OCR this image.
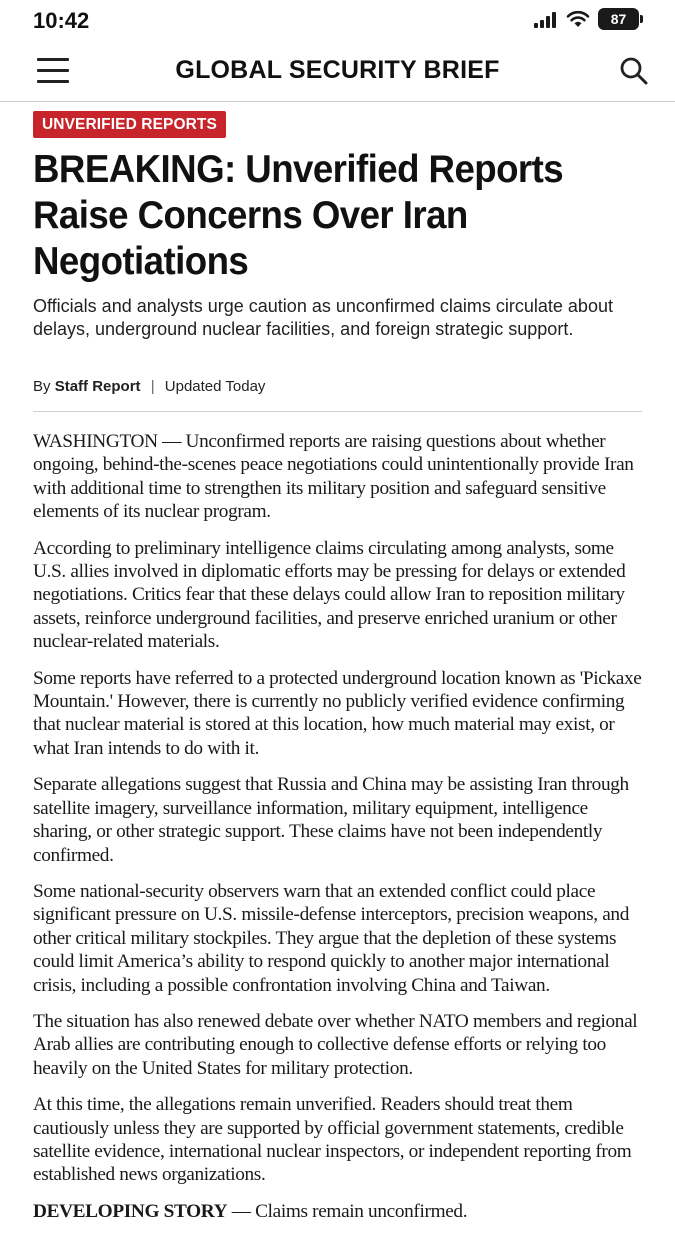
10:42	87
GLOBAL SECURITY BRIEF
UNVERIFIED REPORTS
BREAKING: Unverified Reports Raise Concerns Over Iran Negotiations

Officials and analysts urge caution as unconfirmed claims circulate about delays, underground nuclear facilities, and foreign strategic support.

By Staff Report | Updated Today

WASHINGTON — Unconfirmed reports are raising questions about whether ongoing, behind-the-scenes peace negotiations could unintentionally provide Iran with additional time to strengthen its military position and safeguard sensitive elements of its nuclear program.

According to preliminary intelligence claims circulating among analysts, some U.S. allies involved in diplomatic efforts may be pressing for delays or extended negotiations. Critics fear that these delays could allow Iran to reposition military assets, reinforce underground facilities, and preserve enriched uranium or other nuclear-related materials.

Some reports have referred to a protected underground location known as 'Pickaxe Mountain.' However, there is currently no publicly verified evidence confirming that nuclear material is stored at this location, how much material may exist, or what Iran intends to do with it.

Separate allegations suggest that Russia and China may be assisting Iran through satellite imagery, surveillance information, military equipment, intelligence sharing, or other strategic support. These claims have not been independently confirmed.

Some national-security observers warn that an extended conflict could place significant pressure on U.S. missile-defense interceptors, precision weapons, and other critical military stockpiles. They argue that the depletion of these systems could limit America’s ability to respond quickly to another major international crisis, including a possible confrontation involving China and Taiwan.

The situation has also renewed debate over whether NATO members and regional Arab allies are contributing enough to collective defense efforts or relying too heavily on the United States for military protection.

At this time, the allegations remain unverified. Readers should treat them cautiously unless they are supported by official government statements, credible satellite evidence, international nuclear inspectors, or independent reporting from established news organizations.

DEVELOPING STORY — Claims remain unconfirmed.
